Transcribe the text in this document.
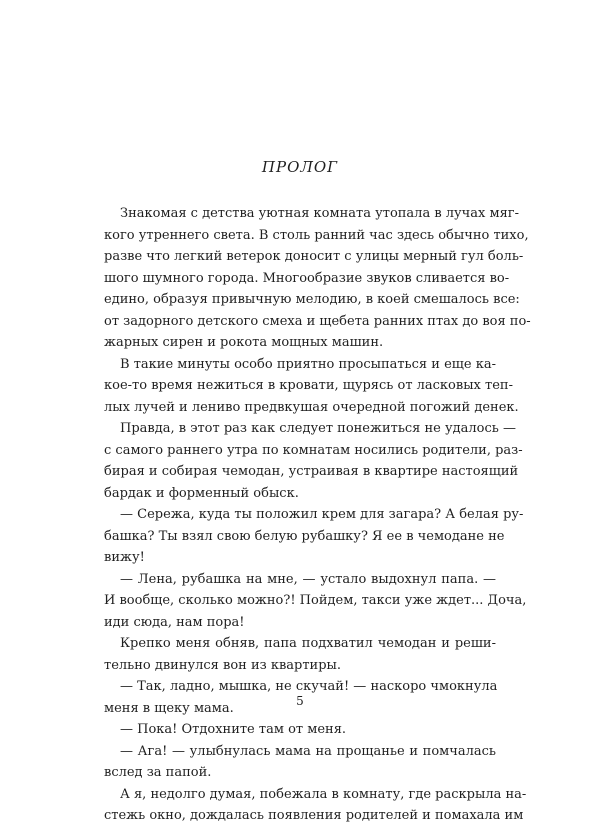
ПРОЛОГ
Знакомая с детства уютная комната утопала в лучах мяг-
кого утреннего света. В столь ранний час здесь обычно тихо,
разве что легкий ветерок доносит с улицы мерный гул боль-
шого шумного города. Многообразие звуков сливается во-
едино, образуя привычную мелодию, в коей смешалось все:
от задорного детского смеха и щебета ранних птах до воя по-
жарных сирен и рокота мощных машин.
В такие минуты особо приятно просыпаться и еще ка-
кое-то время нежиться в кровати, щурясь от ласковых теп-
лых лучей и лениво предвкушая очередной погожий денек.
Правда, в этот раз как следует понежиться не удалось —
с самого раннего утра по комнатам носились родители, раз-
бирая и собирая чемодан, устраивая в квартире настоящий
бардак и форменный обыск.
— Сережа, куда ты положил крем для загара? А белая ру-
башка? Ты взял свою белую рубашку? Я ее в чемодане не
вижу!
— Лена, рубашка на мне, — устало выдохнул папа. —
И вообще, сколько можно?! Пойдем, такси уже ждет... Доча,
иди сюда, нам пора!
Крепко меня обняв, папа подхватил чемодан и реши-
тельно двинулся вон из квартиры.
— Так, ладно, мышка, не скучай! — наскоро чмокнула
меня в щеку мама.
— Пока! Отдохните там от меня.
— Ага! — улыбнулась мама на прощанье и помчалась
вслед за папой.
А я, недолго думая, побежала в комнату, где раскрыла на-
стежь окно, дождалась появления родителей и помахала им
5
